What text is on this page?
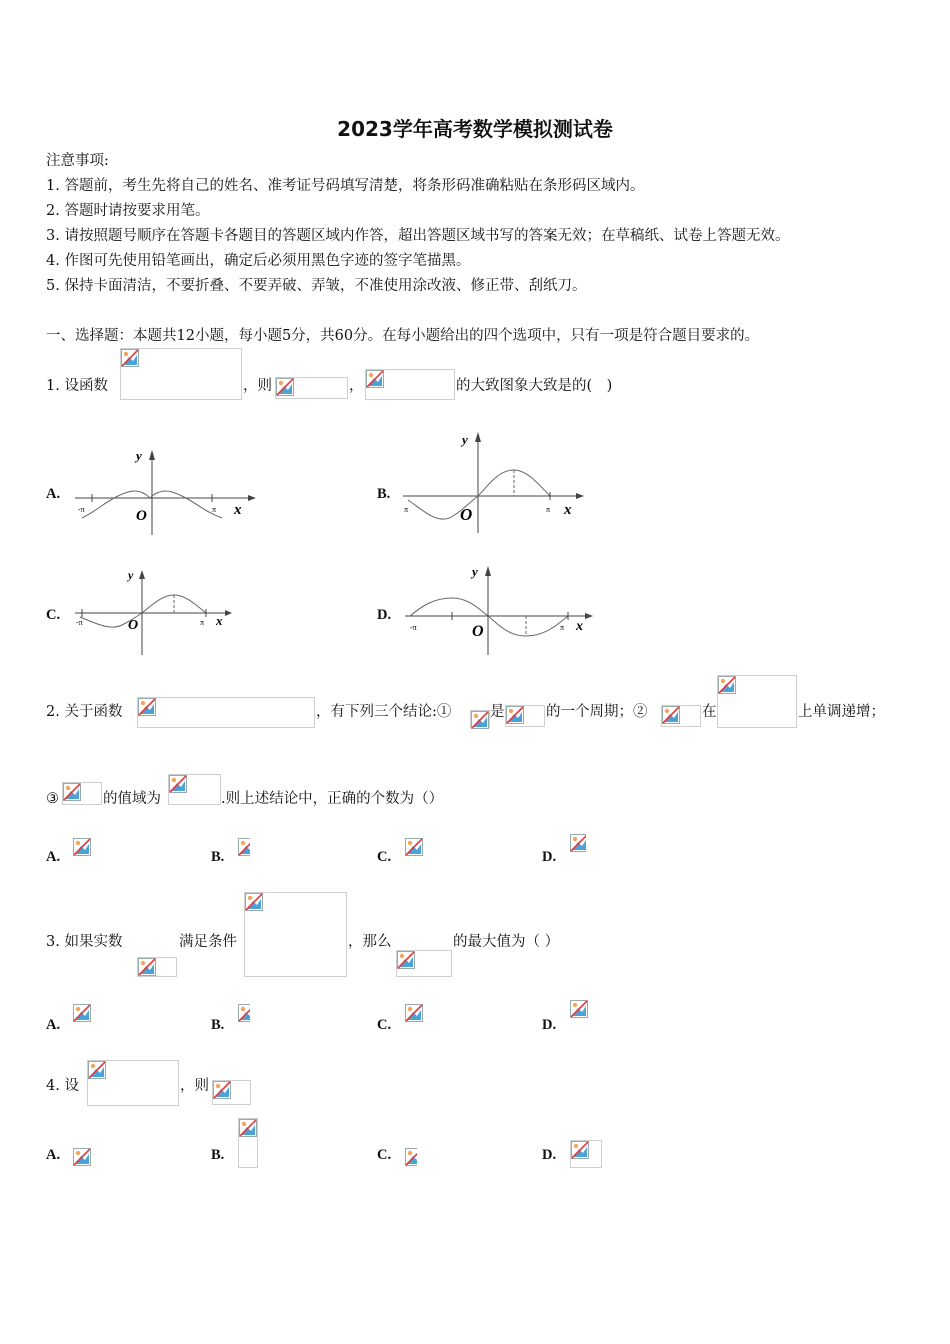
2023学年高考数学模拟测试卷
注意事项:
1. 答题前，考生先将自己的姓名、准考证号码填写清楚，将条形码准确粘贴在条形码区域内。
2. 答题时请按要求用笔。
3. 请按照题号顺序在答题卡各题目的答题区域内作答，超出答题区域书写的答案无效；在草稿纸、试卷上答题无效。
4. 作图可先使用铅笔画出，确定后必须用黑色字迹的签字笔描黑。
5. 保持卡面清洁，不要折叠、不要弄破、弄皱，不准使用涂改液、修正带、刮纸刀。
一、选择题：本题共12小题，每小题5分，共60分。在每小题给出的四个选项中，只有一项是符合题目要求的。
1. 设函数	，则	，	的大致图象大致是的(　)
A.
y
x
O
-π	π
B.
y
x
O
π	π
C.
y
x
O
-π	π	D.
y
x
O
-π	π
2. 关于函数	，有下列三个结论:①	是	的一个周期；②	在	上单调递增；
③	的值域为	.则上述结论中，正确的个数为（）
A.	B.	C.	D.
3. 如果实数	满足条件	，那么	的最大值为（ ）
A.	B.	C.	D.
4. 设	，则
A.	B.	C.	D.
